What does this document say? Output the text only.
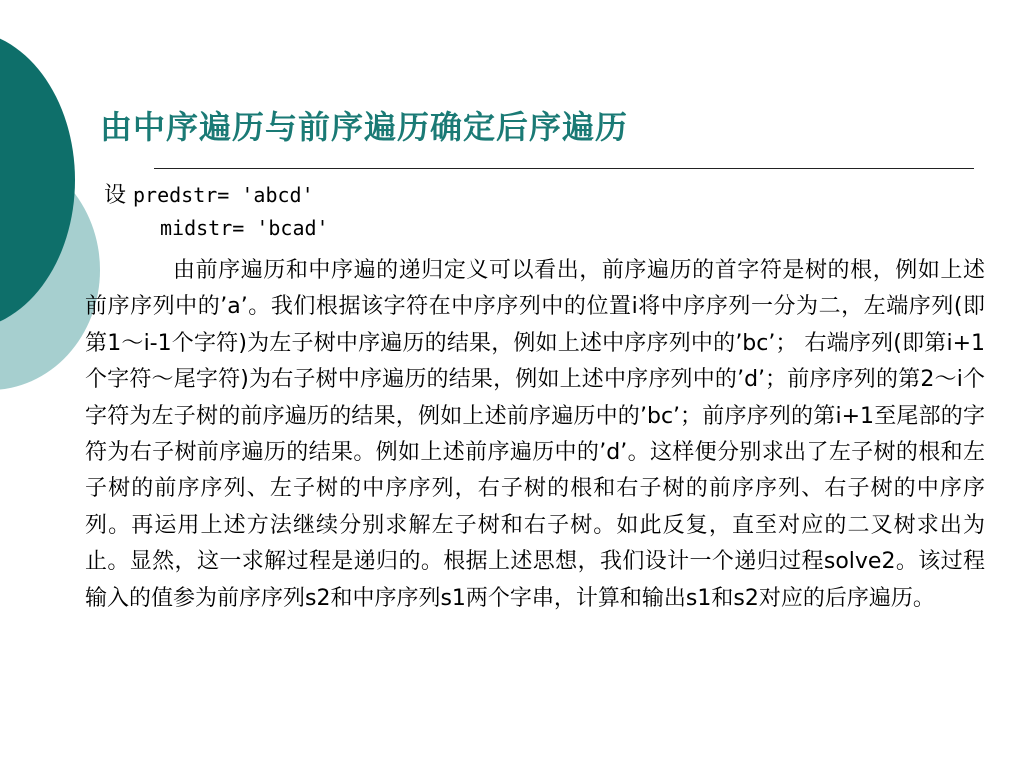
由中序遍历与前序遍历确定后序遍历
设 predstr= 'abcd'
midstr= 'bcad'

由前序遍历和中序遍的递归定义可以看出，前序遍历的首字符是树的根，例如上述前序序列中的’a’。我们根据该字符在中序序列中的位置i将中序序列一分为二，左端序列(即第1～i-1个字符)为左子树中序遍历的结果，例如上述中序序列中的’bc’； 右端序列(即第i+1个字符～尾字符)为右子树中序遍历的结果，例如上述中序序列中的’d’；前序序列的第2～i个字符为左子树的前序遍历的结果，例如上述前序遍历中的’bc’；前序序列的第i+1至尾部的字符为右子树前序遍历的结果。例如上述前序遍历中的’d’。这样便分别求出了左子树的根和左子树的前序序列、左子树的中序序列，右子树的根和右子树的前序序列、右子树的中序序列。再运用上述方法继续分别求解左子树和右子树。如此反复，直至对应的二叉树求出为止。显然，这一求解过程是递归的。根据上述思想，我们设计一个递归过程solve2。该过程输入的值参为前序序列s2和中序序列s1两个字串，计算和输出s1和s2对应的后序遍历。
